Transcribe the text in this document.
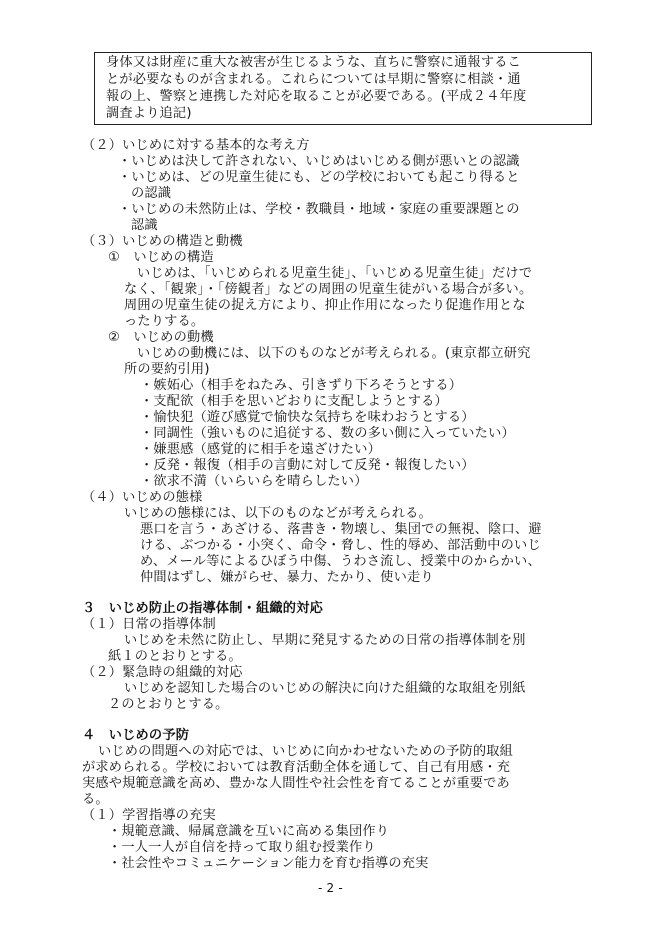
身体又は財産に重大な被害が生じるような、直ちに警察に通報するこ
とが必要なものが含まれる。これらについては早期に警察に相談・通
報の上、警察と連携した対応を取ることが必要である。(平成２４年度
調査より追記)
（２）いじめに対する基本的な考え方
・いじめは決して許されない、いじめはいじめる側が悪いとの認識
・いじめは、どの児童生徒にも、どの学校においても起こり得ると
の認識
・いじめの未然防止は、学校・教職員・地域・家庭の重要課題との
認識
（３）いじめの構造と動機
①　いじめの構造
いじめは、「いじめられる児童生徒」、「いじめる児童生徒」だけで
なく、「観衆」・「傍観者」などの周囲の児童生徒がいる場合が多い。
周囲の児童生徒の捉え方により、抑止作用になったり促進作用とな
ったりする。
②　いじめの動機
いじめの動機には、以下のものなどが考えられる。(東京都立研究
所の要約引用)
・嫉妬心（相手をねたみ、引きずり下ろそうとする）
・支配欲（相手を思いどおりに支配しようとする）
・愉快犯（遊び感覚で愉快な気持ちを味わおうとする）
・同調性（強いものに追従する、数の多い側に入っていたい）
・嫌悪感（感覚的に相手を遠ざけたい）
・反発・報復（相手の言動に対して反発・報復したい）
・欲求不満（いらいらを晴らしたい）
（４）いじめの態様
いじめの態様には、以下のものなどが考えられる。
悪口を言う・あざける、落書き・物壊し、集団での無視、陰口、避
ける、ぶつかる・小突く、命令・脅し、性的辱め、部活動中のいじ
め、メール等によるひぼう中傷、うわさ流し、授業中のからかい、
仲間はずし、嫌がらせ、暴力、たかり、使い走り
３　いじめ防止の指導体制・組織的対応
（１）日常の指導体制
いじめを未然に防止し、早期に発見するための日常の指導体制を別
紙１のとおりとする。
（２）緊急時の組織的対応
いじめを認知した場合のいじめの解決に向けた組織的な取組を別紙
２のとおりとする。
４　いじめの予防
いじめの問題への対応では、いじめに向かわせないための予防的取組
が求められる。学校においては教育活動全体を通して、自己有用感・充
実感や規範意識を高め、豊かな人間性や社会性を育てることが重要であ
る。
（１）学習指導の充実
・規範意識、帰属意識を互いに高める集団作り
・一人一人が自信を持って取り組む授業作り
・社会性やコミュニケーション能力を育む指導の充実
- 2 -
